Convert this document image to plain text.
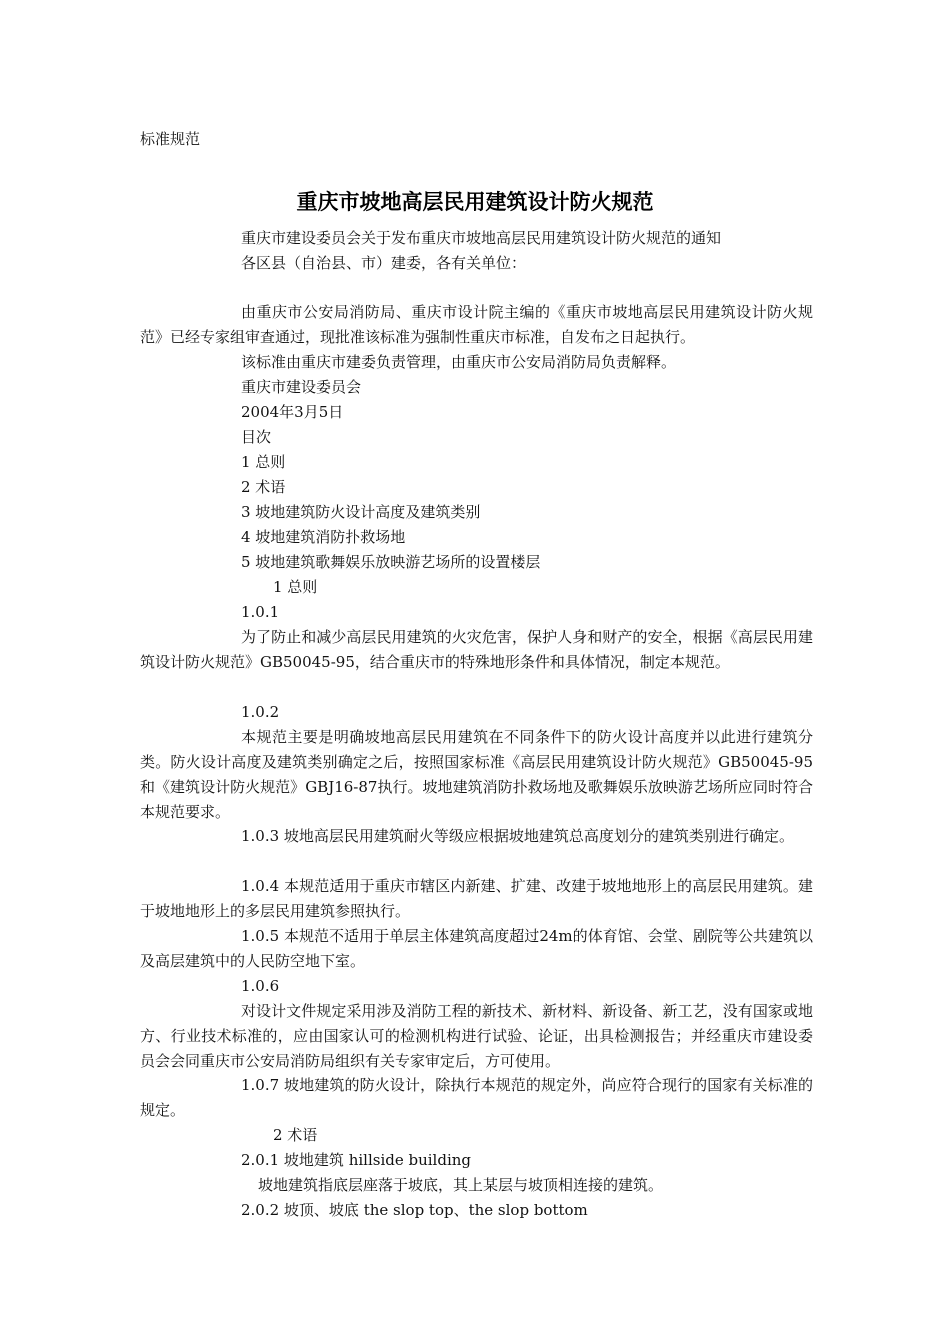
标准规范
重庆市坡地高层民用建筑设计防火规范
重庆市建设委员会关于发布重庆市坡地高层民用建筑设计防火规范的通知
各区县（自治县、市）建委，各有关单位：
由重庆市公安局消防局、重庆市设计院主编的《重庆市坡地高层民用建筑设计防火规范》已经专家组审查通过，现批准该标准为强制性重庆市标准，自发布之日起执行。
该标准由重庆市建委负责管理，由重庆市公安局消防局负责解释。
重庆市建设委员会
2004年3月5日
目次
1 总则
2 术语
3 坡地建筑防火设计高度及建筑类别
4 坡地建筑消防扑救场地
5 坡地建筑歌舞娱乐放映游艺场所的设置楼层
1 总则
1.0.1
为了防止和减少高层民用建筑的火灾危害，保护人身和财产的安全，根据《高层民用建筑设计防火规范》GB50045-95，结合重庆市的特殊地形条件和具体情况，制定本规范。
1.0.2
本规范主要是明确坡地高层民用建筑在不同条件下的防火设计高度并以此进行建筑分类。防火设计高度及建筑类别确定之后，按照国家标准《高层民用建筑设计防火规范》GB50045-95和《建筑设计防火规范》GBJ16-87执行。坡地建筑消防扑救场地及歌舞娱乐放映游艺场所应同时符合本规范要求。
1.0.3 坡地高层民用建筑耐火等级应根据坡地建筑总高度划分的建筑类别进行确定。
1.0.4 本规范适用于重庆市辖区内新建、扩建、改建于坡地地形上的高层民用建筑。建于坡地地形上的多层民用建筑参照执行。
1.0.5 本规范不适用于单层主体建筑高度超过24m的体育馆、会堂、剧院等公共建筑以及高层建筑中的人民防空地下室。
1.0.6
对设计文件规定采用涉及消防工程的新技术、新材料、新设备、新工艺，没有国家或地方、行业技术标准的，应由国家认可的检测机构进行试验、论证，出具检测报告；并经重庆市建设委员会会同重庆市公安局消防局组织有关专家审定后，方可使用。
1.0.7 坡地建筑的防火设计，除执行本规范的规定外，尚应符合现行的国家有关标准的规定。
2 术语
2.0.1 坡地建筑 hillside building
坡地建筑指底层座落于坡底，其上某层与坡顶相连接的建筑。
2.0.2 坡顶、坡底 the slop top、the slop bottom
